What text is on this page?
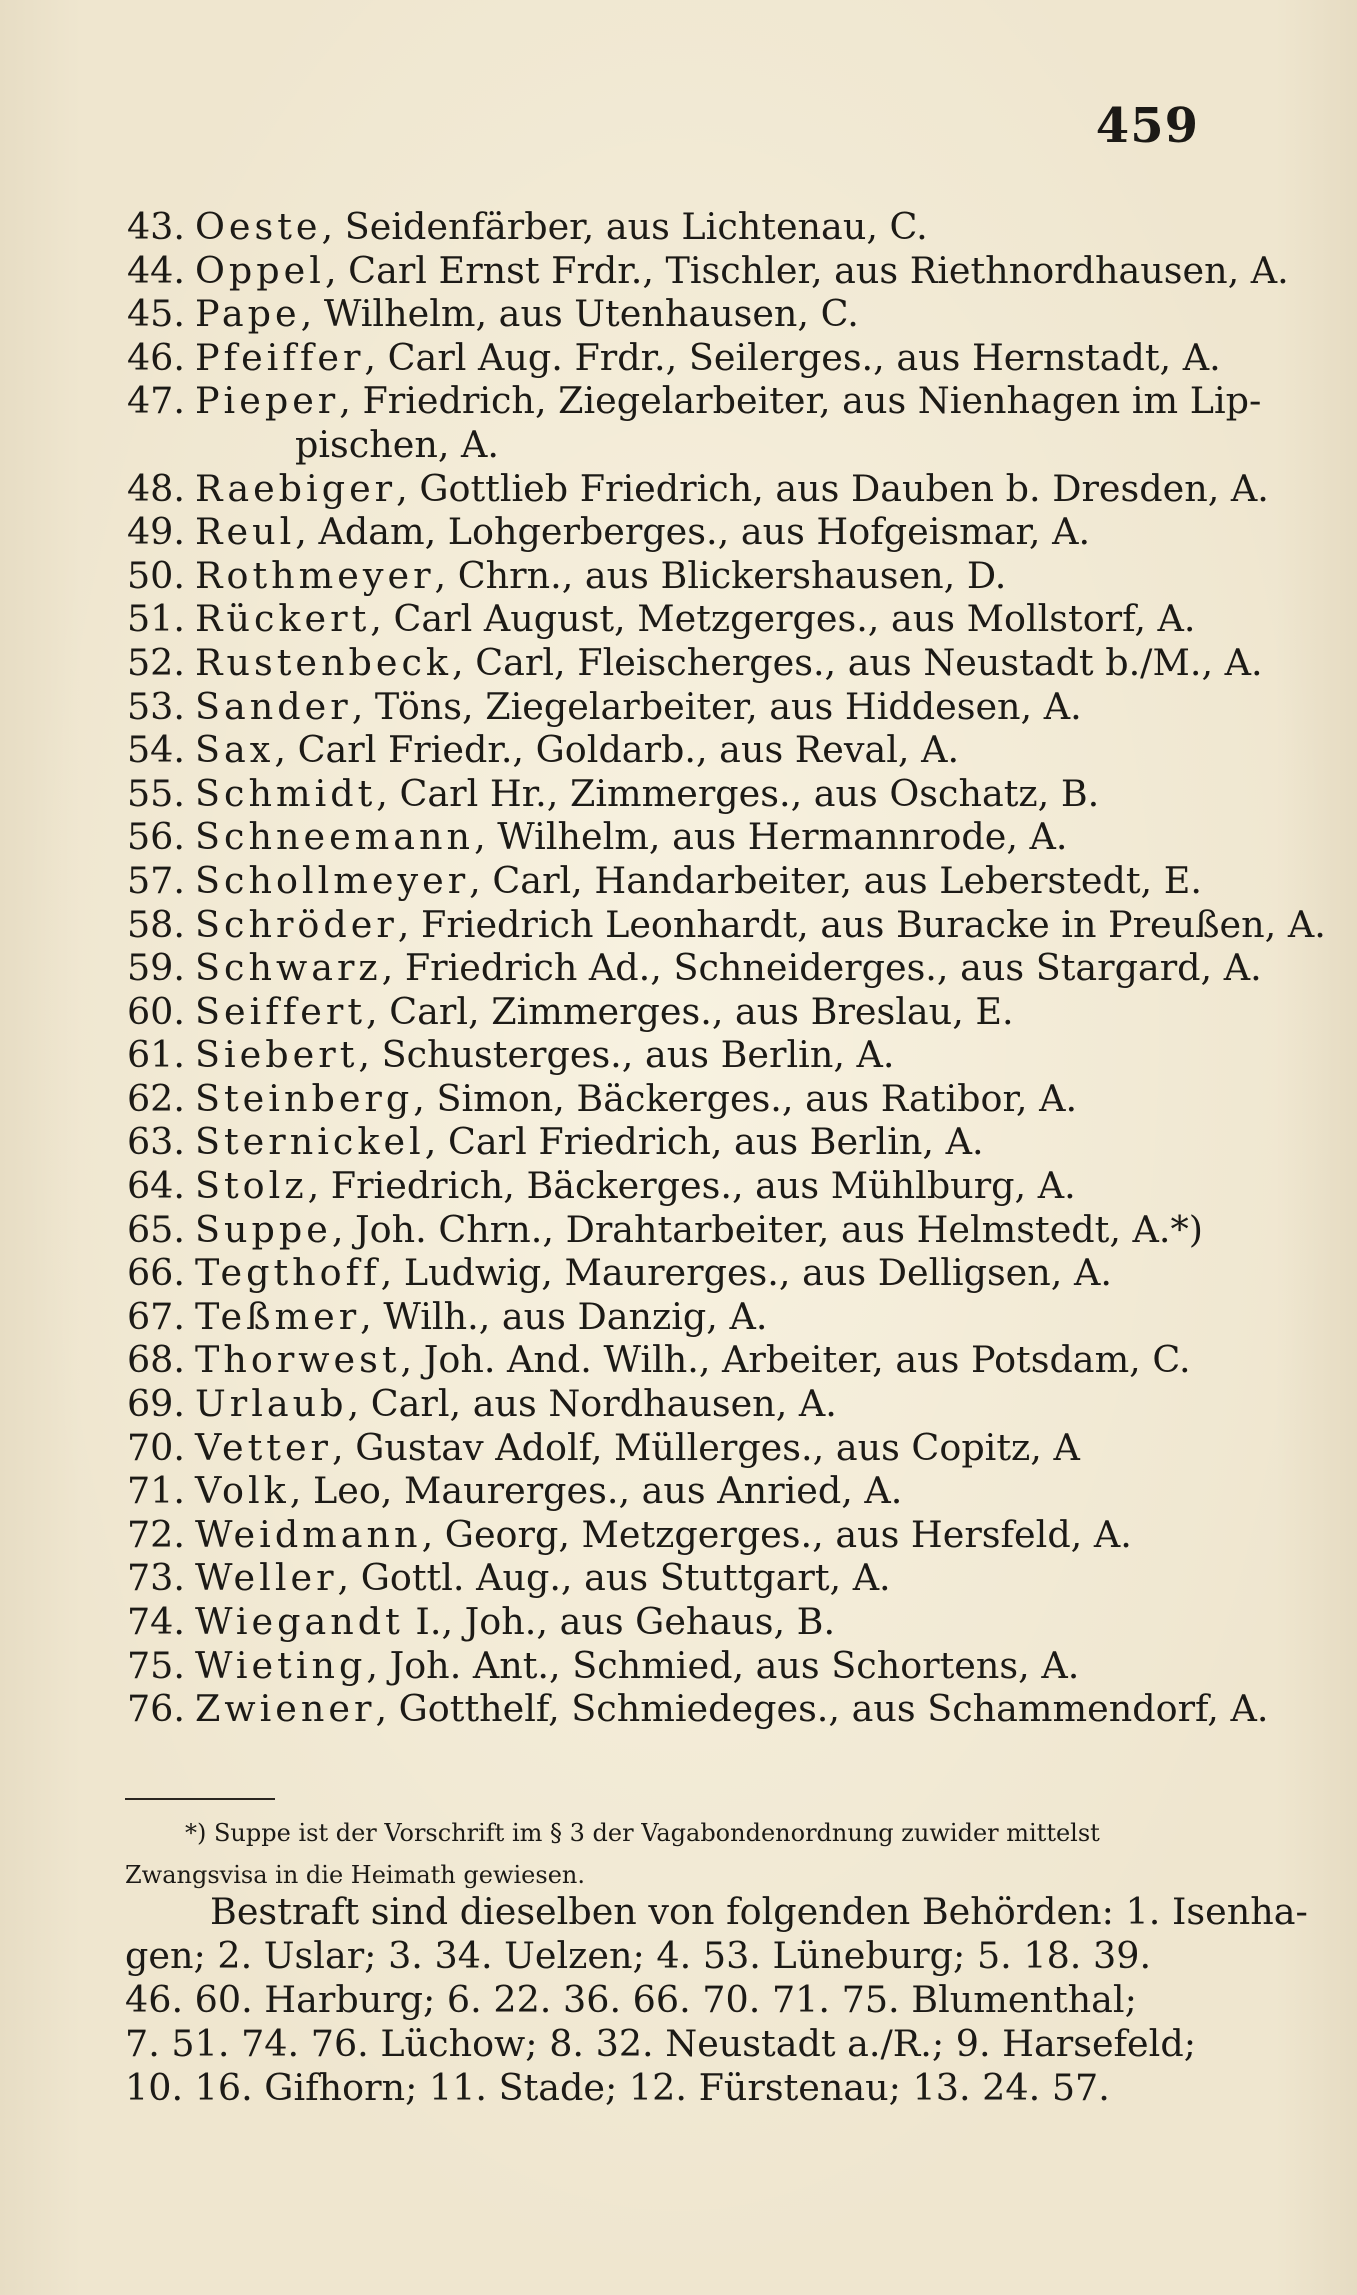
459
43. Oeste, Seidenfärber, aus Lichtenau, C.
44. Oppel, Carl Ernst Frdr., Tischler, aus Riethnordhausen, A.
45. Pape, Wilhelm, aus Utenhausen, C.
46. Pfeiffer, Carl Aug. Frdr., Seilerges., aus Hernstadt, A.
47. Pieper, Friedrich, Ziegelarbeiter, aus Nienhagen im Lip-
pischen, A.
48. Raebiger, Gottlieb Friedrich, aus Dauben b. Dresden, A.
49. Reul, Adam, Lohgerberges., aus Hofgeismar, A.
50. Rothmeyer, Chrn., aus Blickershausen, D.
51. Rückert, Carl August, Metzgerges., aus Mollstorf, A.
52. Rustenbeck, Carl, Fleischerges., aus Neustadt b./M., A.
53. Sander, Töns, Ziegelarbeiter, aus Hiddesen, A.
54. Sax, Carl Friedr., Goldarb., aus Reval, A.
55. Schmidt, Carl Hr., Zimmerges., aus Oschatz, B.
56. Schneemann, Wilhelm, aus Hermannrode, A.
57. Schollmeyer, Carl, Handarbeiter, aus Leberstedt, E.
58. Schröder, Friedrich Leonhardt, aus Buracke in Preußen, A.
59. Schwarz, Friedrich Ad., Schneiderges., aus Stargard, A.
60. Seiffert, Carl, Zimmerges., aus Breslau, E.
61. Siebert, Schusterges., aus Berlin, A.
62. Steinberg, Simon, Bäckerges., aus Ratibor, A.
63. Sternickel, Carl Friedrich, aus Berlin, A.
64. Stolz, Friedrich, Bäckerges., aus Mühlburg, A.
65. Suppe, Joh. Chrn., Drahtarbeiter, aus Helmstedt, A.*)
66. Tegthoff, Ludwig, Maurerges., aus Delligsen, A.
67. Teßmer, Wilh., aus Danzig, A.
68. Thorwest, Joh. And. Wilh., Arbeiter, aus Potsdam, C.
69. Urlaub, Carl, aus Nordhausen, A.
70. Vetter, Gustav Adolf, Müllerges., aus Copitz, A
71. Volk, Leo, Maurerges., aus Anried, A.
72. Weidmann, Georg, Metzgerges., aus Hersfeld, A.
73. Weller, Gottl. Aug., aus Stuttgart, A.
74. Wiegandt I., Joh., aus Gehaus, B.
75. Wieting, Joh. Ant., Schmied, aus Schortens, A.
76. Zwiener, Gotthelf, Schmiedeges., aus Schammendorf, A.
*) Suppe ist der Vorschrift im § 3 der Vagabondenordnung zuwider mittelst
Zwangsvisa in die Heimath gewiesen.
Bestraft sind dieselben von folgenden Behörden: 1. Isenha-
gen; 2. Uslar; 3. 34. Uelzen; 4. 53. Lüneburg; 5. 18. 39.
46. 60. Harburg; 6. 22. 36. 66. 70. 71. 75. Blumenthal;
7. 51. 74. 76. Lüchow; 8. 32. Neustadt a./R.; 9. Harsefeld;
10. 16. Gifhorn; 11. Stade; 12. Fürstenau; 13. 24. 57.
